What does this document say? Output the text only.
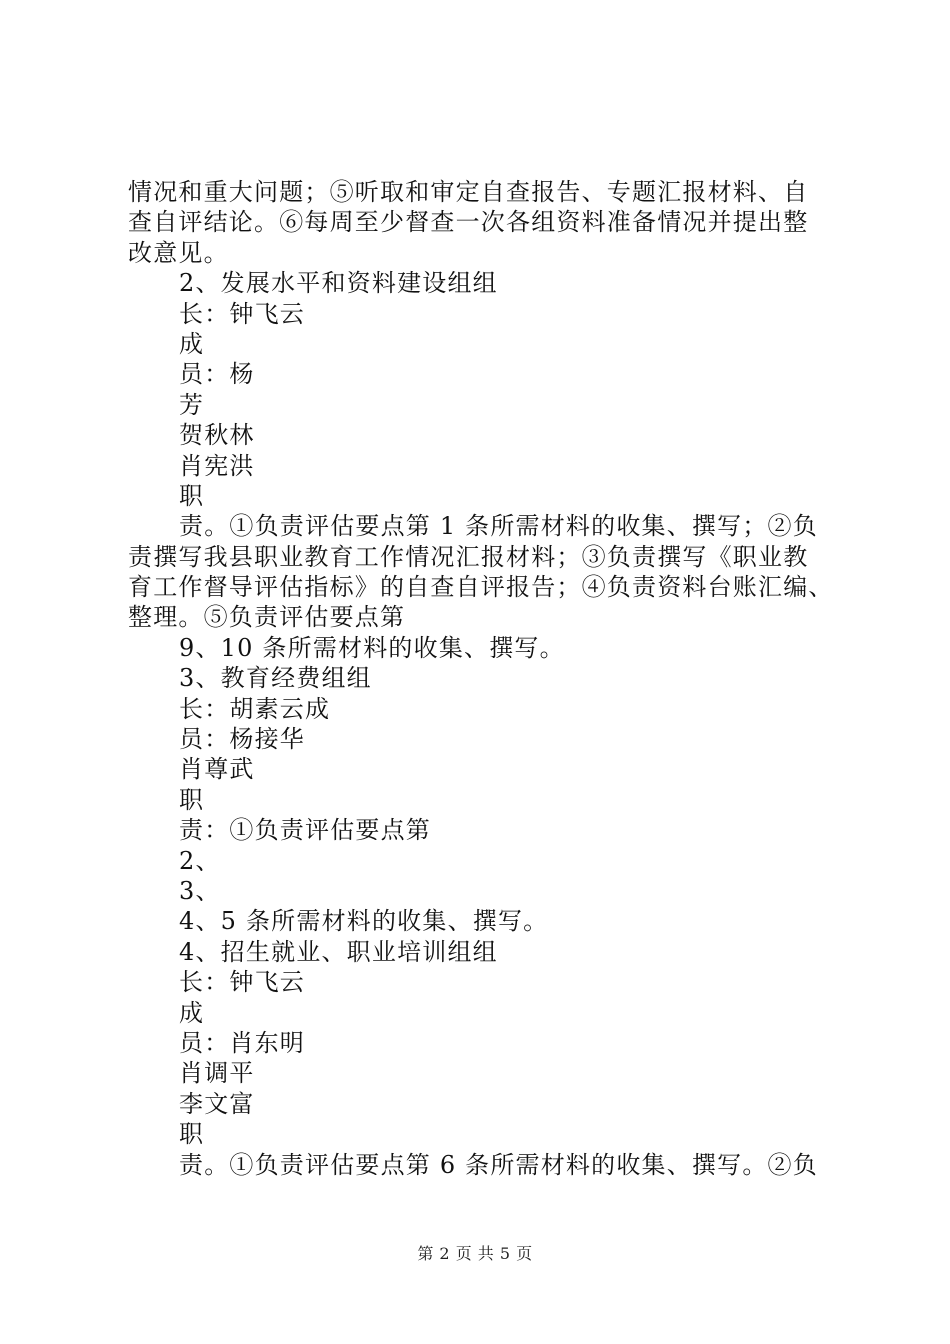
情况和重大问题；⑤听取和审定自查报告、专题汇报材料、自
查自评结论。⑥每周至少督查一次各组资料准备情况并提出整
改意见。
2、发展水平和资料建设组组
长：钟飞云
成
员：杨
芳
贺秋林
肖宪洪
职
责。①负责评估要点第 1 条所需材料的收集、撰写；②负
责撰写我县职业教育工作情况汇报材料；③负责撰写《职业教
育工作督导评估指标》的自查自评报告；④负责资料台账汇编、
整理。⑤负责评估要点第
9、10 条所需材料的收集、撰写。
3、教育经费组组
长：胡素云成
员：杨接华
肖尊武
职
责：①负责评估要点第
2、
3、
4、5 条所需材料的收集、撰写。
4、招生就业、职业培训组组
长：钟飞云
成
员：肖东明
肖调平
李文富
职
责。①负责评估要点第 6 条所需材料的收集、撰写。②负
第 2 页 共 5 页
